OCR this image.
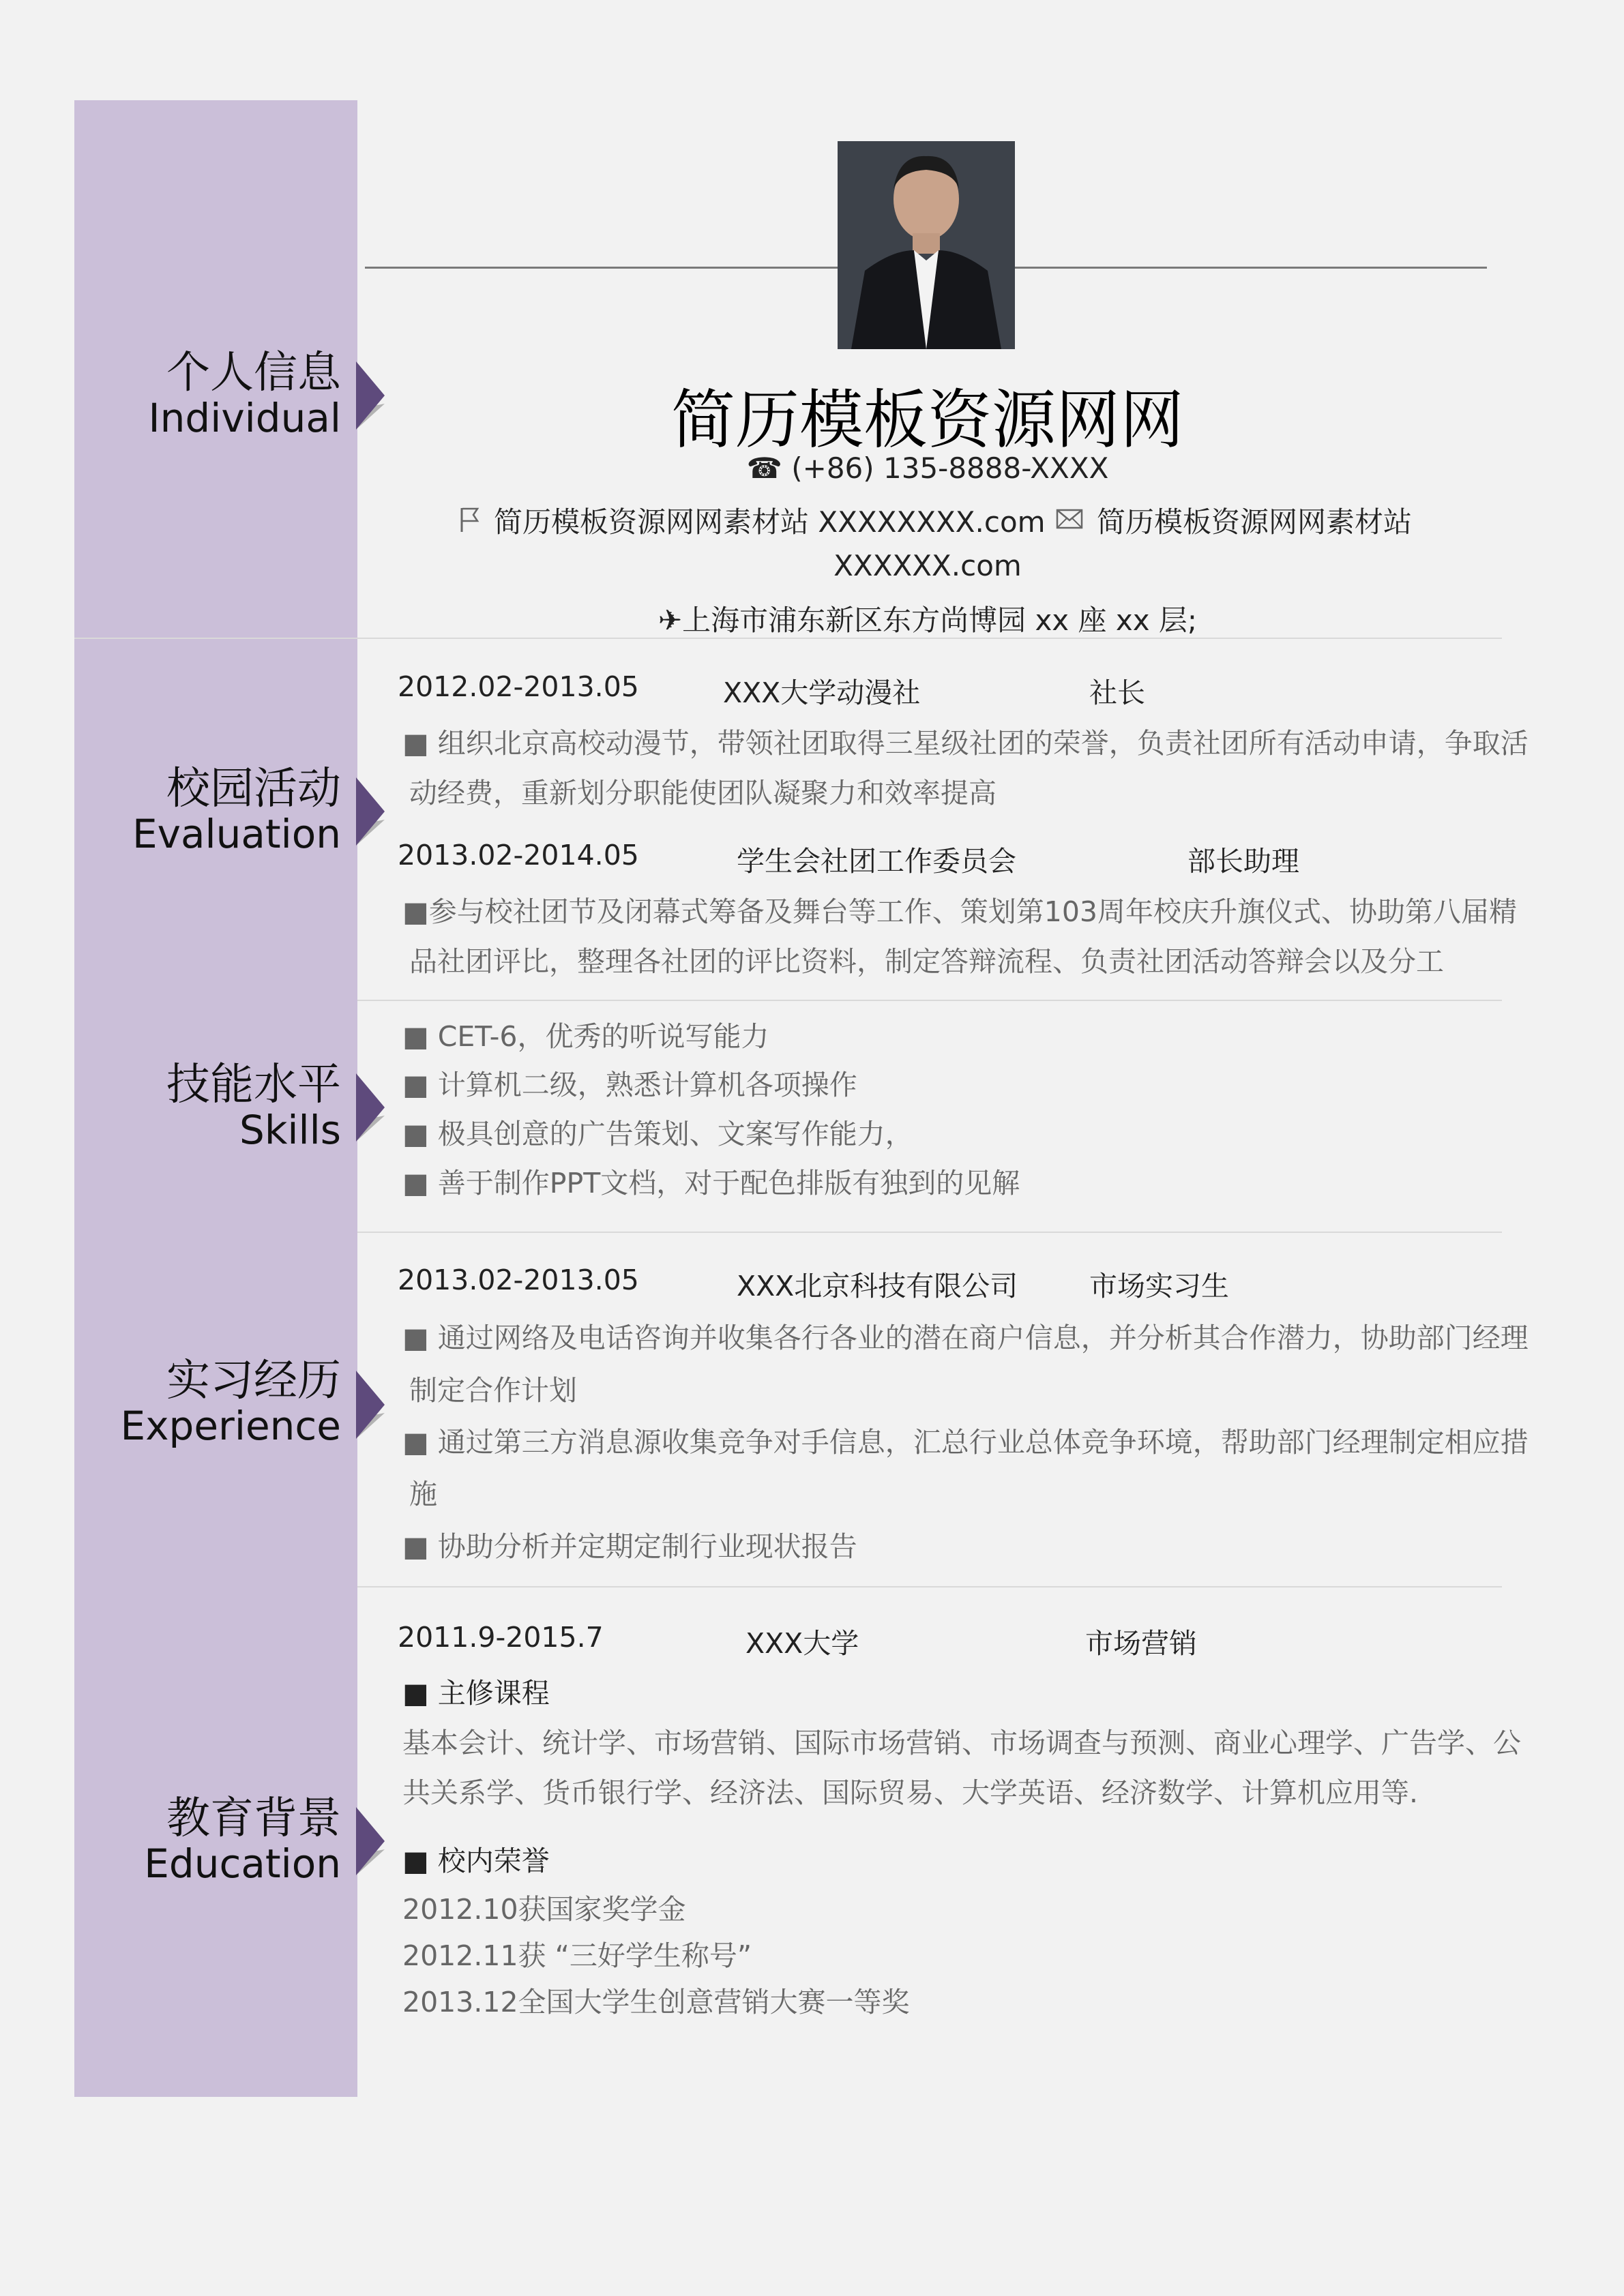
个人信息
Individual
校园活动
Evaluation
技能水平
Skills
实习经历
Experience
教育背景
Education
简历模板资源网网
☎ (+86) 135-8888-XXXX
简历模板资源网网素材站 XXXXXXXX.com 简历模板资源网网素材站
XXXXXX.com
✈上海市浦东新区东方尚博园 xx 座 xx 层;
2012.02-2013.05	XXX大学动漫社	社长
■ 组织北京高校动漫节，带领社团取得三星级社团的荣誉，负责社团所有活动申请，争取活
动经费，重新划分职能使团队凝聚力和效率提高
2013.02-2014.05	学生会社团工作委员会	部长助理
■参与校社团节及闭幕式筹备及舞台等工作、策划第103周年校庆升旗仪式、协助第八届精
品社团评比，整理各社团的评比资料，制定答辩流程、负责社团活动答辩会以及分工
■ CET-6，优秀的听说写能力
■ 计算机二级，熟悉计算机各项操作
■ 极具创意的广告策划、文案写作能力，
■ 善于制作PPT文档，对于配色排版有独到的见解
2013.02-2013.05	XXX北京科技有限公司	市场实习生
■ 通过网络及电话咨询并收集各行各业的潜在商户信息，并分析其合作潜力，协助部门经理
制定合作计划
■ 通过第三方消息源收集竞争对手信息，汇总行业总体竞争环境，帮助部门经理制定相应措
施
■ 协助分析并定期定制行业现状报告
2011.9-2015.7	XXX大学	市场营销
■ 主修课程
基本会计、统计学、市场营销、国际市场营销、市场调查与预测、商业心理学、广告学、公
共关系学、货币银行学、经济法、国际贸易、大学英语、经济数学、计算机应用等.
■ 校内荣誉
2012.10获国家奖学金
2012.11获 “三好学生称号”
2013.12全国大学生创意营销大赛一等奖
